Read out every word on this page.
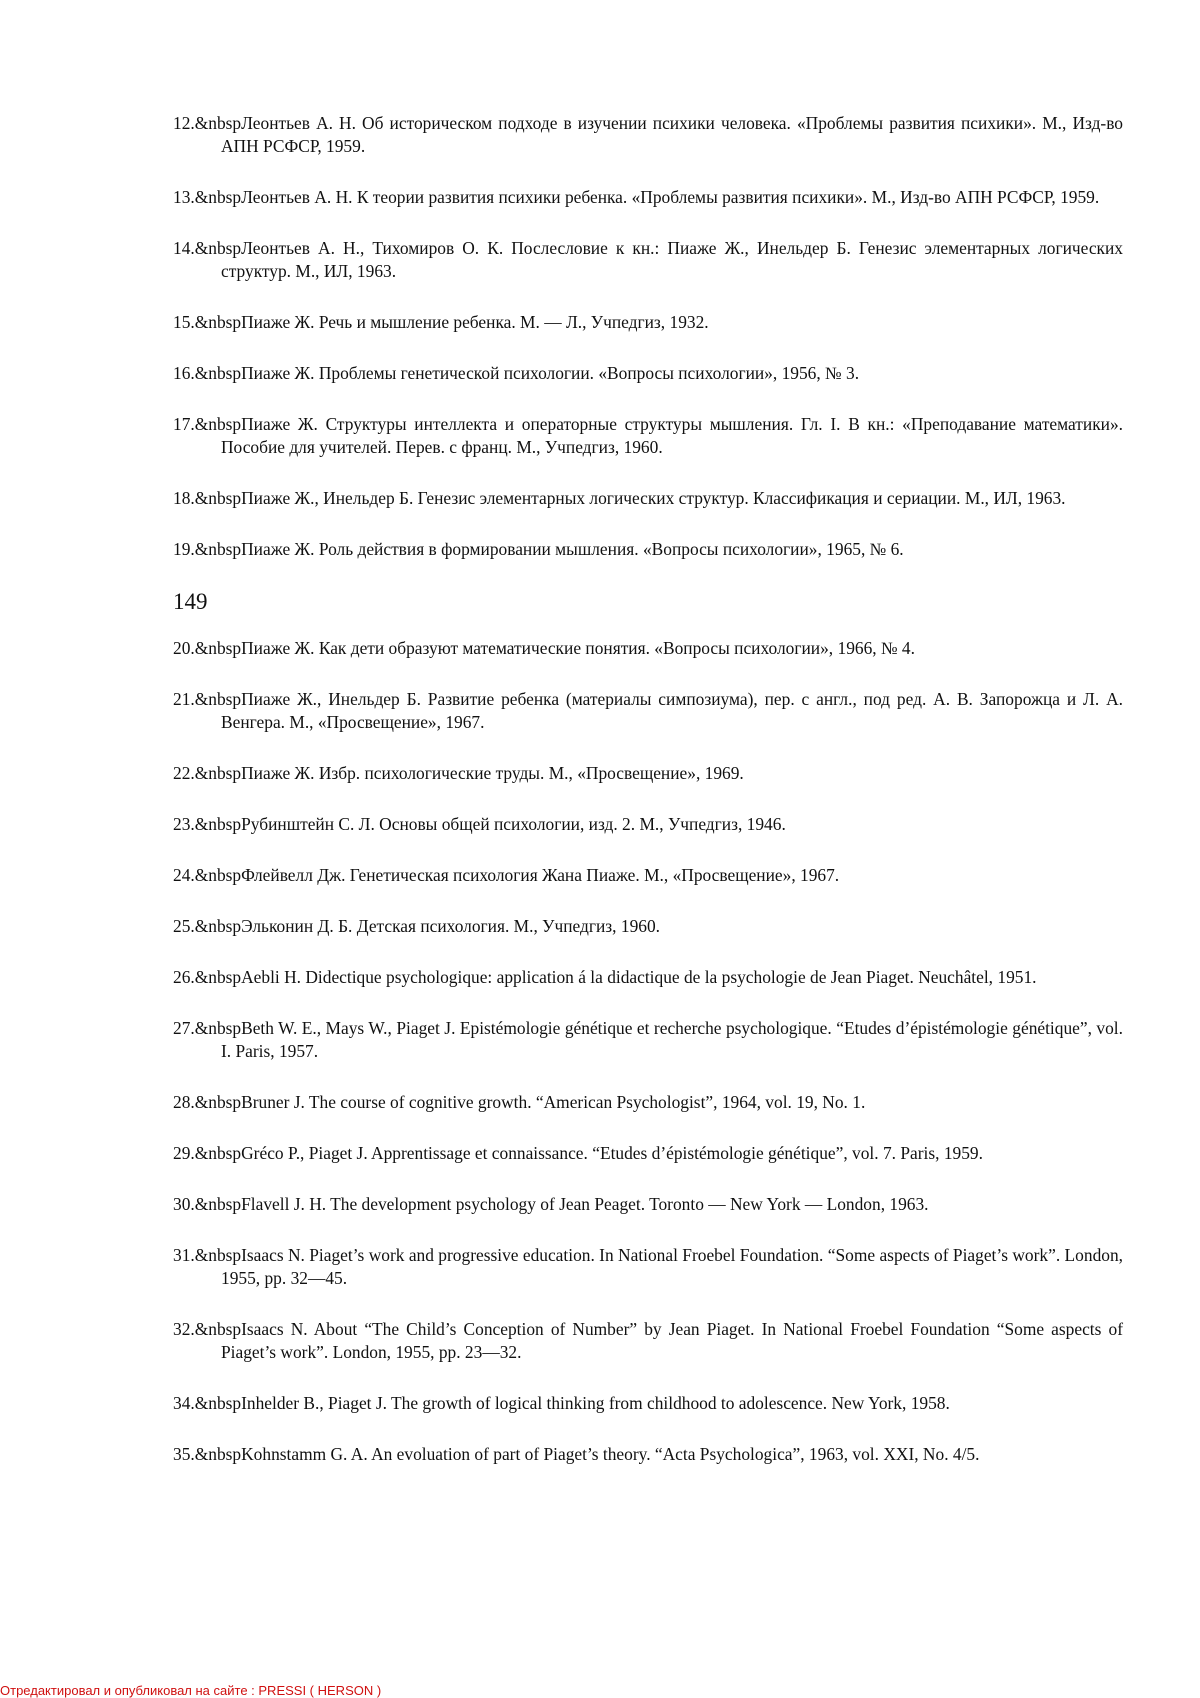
12.&nbspЛеонтьев А. Н. Об историческом подходе в изучении психики человека. «Проблемы развития психики». М., Изд-во АПН РСФСР, 1959.

13.&nbspЛеонтьев А. Н. К теории развития психики ребенка. «Проблемы развития психики». М., Изд-во АПН РСФСР, 1959.

14.&nbspЛеонтьев А. Н., Тихомиров О. К. Послесловие к кн.: Пиаже Ж., Инельдер Б. Генезис элементарных логических структур. М., ИЛ, 1963.

15.&nbspПиаже Ж. Речь и мышление ребенка. М. — Л., Учпедгиз, 1932.

16.&nbspПиаже Ж. Проблемы генетической психологии. «Вопросы психологии», 1956, № 3.

17.&nbspПиаже Ж. Структуры интеллекта и операторные структуры мышления. Гл. I. В кн.: «Преподавание математики». Пособие для учителей. Перев. с франц. М., Учпедгиз, 1960.

18.&nbspПиаже Ж., Инельдер Б. Генезис элементарных логических структур. Классификация и сериации. М., ИЛ, 1963.

19.&nbspПиаже Ж. Роль действия в формировании мышления. «Вопросы психологии», 1965, № 6.

149

20.&nbspПиаже Ж. Как дети образуют математические понятия. «Вопросы психологии», 1966, № 4.

21.&nbspПиаже Ж., Инельдер Б. Развитие ребенка (материалы симпозиума), пер. с англ., под ред. А. В. Запорожца и Л. А. Венгера. М., «Просвещение», 1967.

22.&nbspПиаже Ж. Избр. психологические труды. М., «Просвещение», 1969.

23.&nbspРубинштейн С. Л. Основы общей психологии, изд. 2. М., Учпедгиз, 1946.

24.&nbspФлейвелл Дж. Генетическая психология Жана Пиаже. М., «Просвещение», 1967.

25.&nbspЭльконин Д. Б. Детская психология. М., Учпедгиз, 1960.

26.&nbspAebli H. Didectique psychologique: application á la didactique de la psychologie de Jean Piaget. Neuchâtel, 1951.

27.&nbspBeth W. E., Mays W., Piaget J. Epistémologie génétique et recherche psychologique. “Etudes d’épistémologie génétique”, vol. I. Paris, 1957.

28.&nbspBruner J. The course of cognitive growth. “American Psychologist”, 1964, vol. 19, No. 1.

29.&nbspGréco P., Piaget J. Apprentissage et connaissance. “Etudes d’épistémologie génétique”, vol. 7. Paris, 1959.

30.&nbspFlavell J. H. The development psychology of Jean Peaget. Toronto — New York — London, 1963.

31.&nbspIsaacs N. Piaget’s work and progressive education. In National Froebel Foundation. “Some aspects of Piaget’s work”. London, 1955, pp. 32—45.

32.&nbspIsaacs N. About “The Child’s Conception of Number” by Jean Piaget. In National Froebel Foundation “Some aspects of Piaget’s work”. London, 1955, pp. 23—32.

34.&nbspInhelder B., Piaget J. The growth of logical thinking from childhood to adolescence. New York, 1958.

35.&nbspKohnstamm G. A. An evoluation of part of Piaget’s theory. “Acta Psychologica”, 1963, vol. XXI, No. 4/5.

Отредактировал и опубликовал на сайте : PRESSI ( HERSON )
